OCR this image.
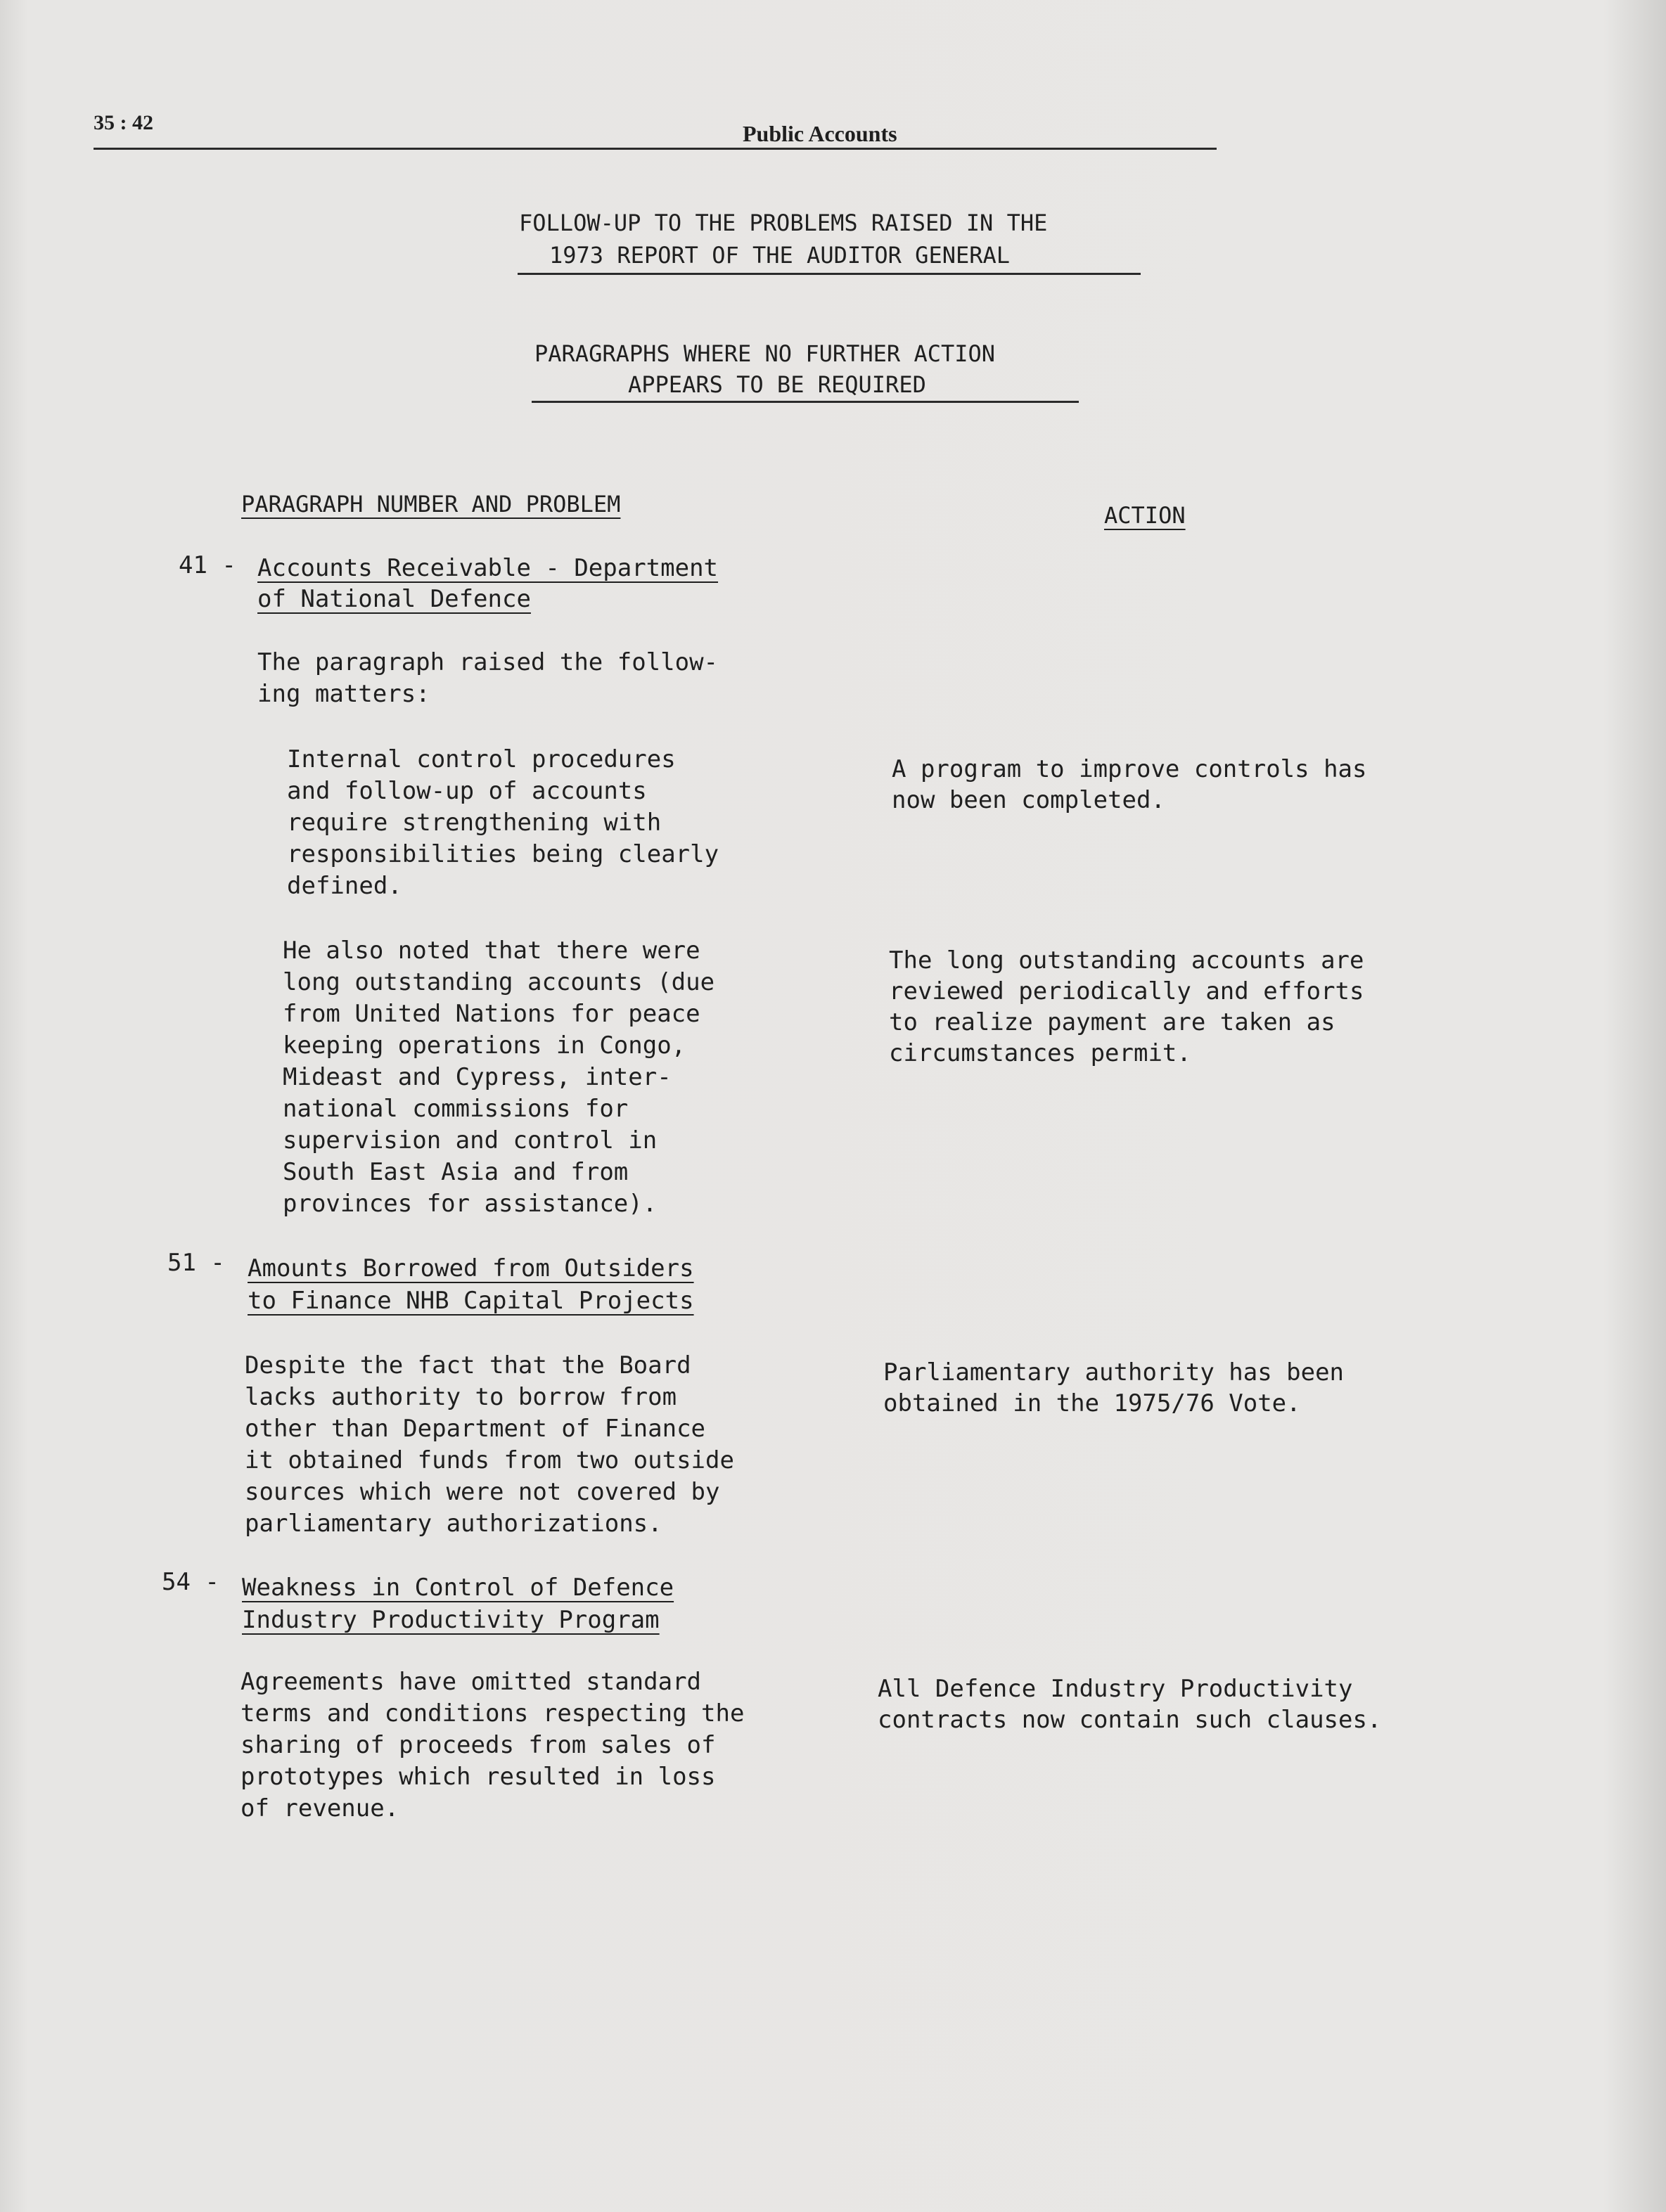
35 : 42	Public Accounts
FOLLOW-UP TO THE PROBLEMS RAISED IN THE
1973 REPORT OF THE AUDITOR GENERAL
PARAGRAPHS WHERE NO FURTHER ACTION
APPEARS TO BE REQUIRED
PARAGRAPH NUMBER AND PROBLEM	ACTION
41 - Accounts Receivable - Department
of National Defence
The paragraph raised the follow-
ing matters:
Internal control procedures
and follow-up of accounts
require strengthening with
responsibilities being clearly
defined.
A program to improve controls has
now been completed.
He also noted that there were
long outstanding accounts (due
from United Nations for peace
keeping operations in Congo,
Mideast and Cypress, inter-
national commissions for
supervision and control in
South East Asia and from
provinces for assistance).
The long outstanding accounts are
reviewed periodically and efforts
to realize payment are taken as
circumstances permit.
51 - Amounts Borrowed from Outsiders
to Finance NHB Capital Projects
Despite the fact that the Board
lacks authority to borrow from
other than Department of Finance
it obtained funds from two outside
sources which were not covered by
parliamentary authorizations.
Parliamentary authority has been
obtained in the 1975/76 Vote.
54 - Weakness in Control of Defence
Industry Productivity Program
Agreements have omitted standard
terms and conditions respecting the
sharing of proceeds from sales of
prototypes which resulted in loss
of revenue.
All Defence Industry Productivity
contracts now contain such clauses.
